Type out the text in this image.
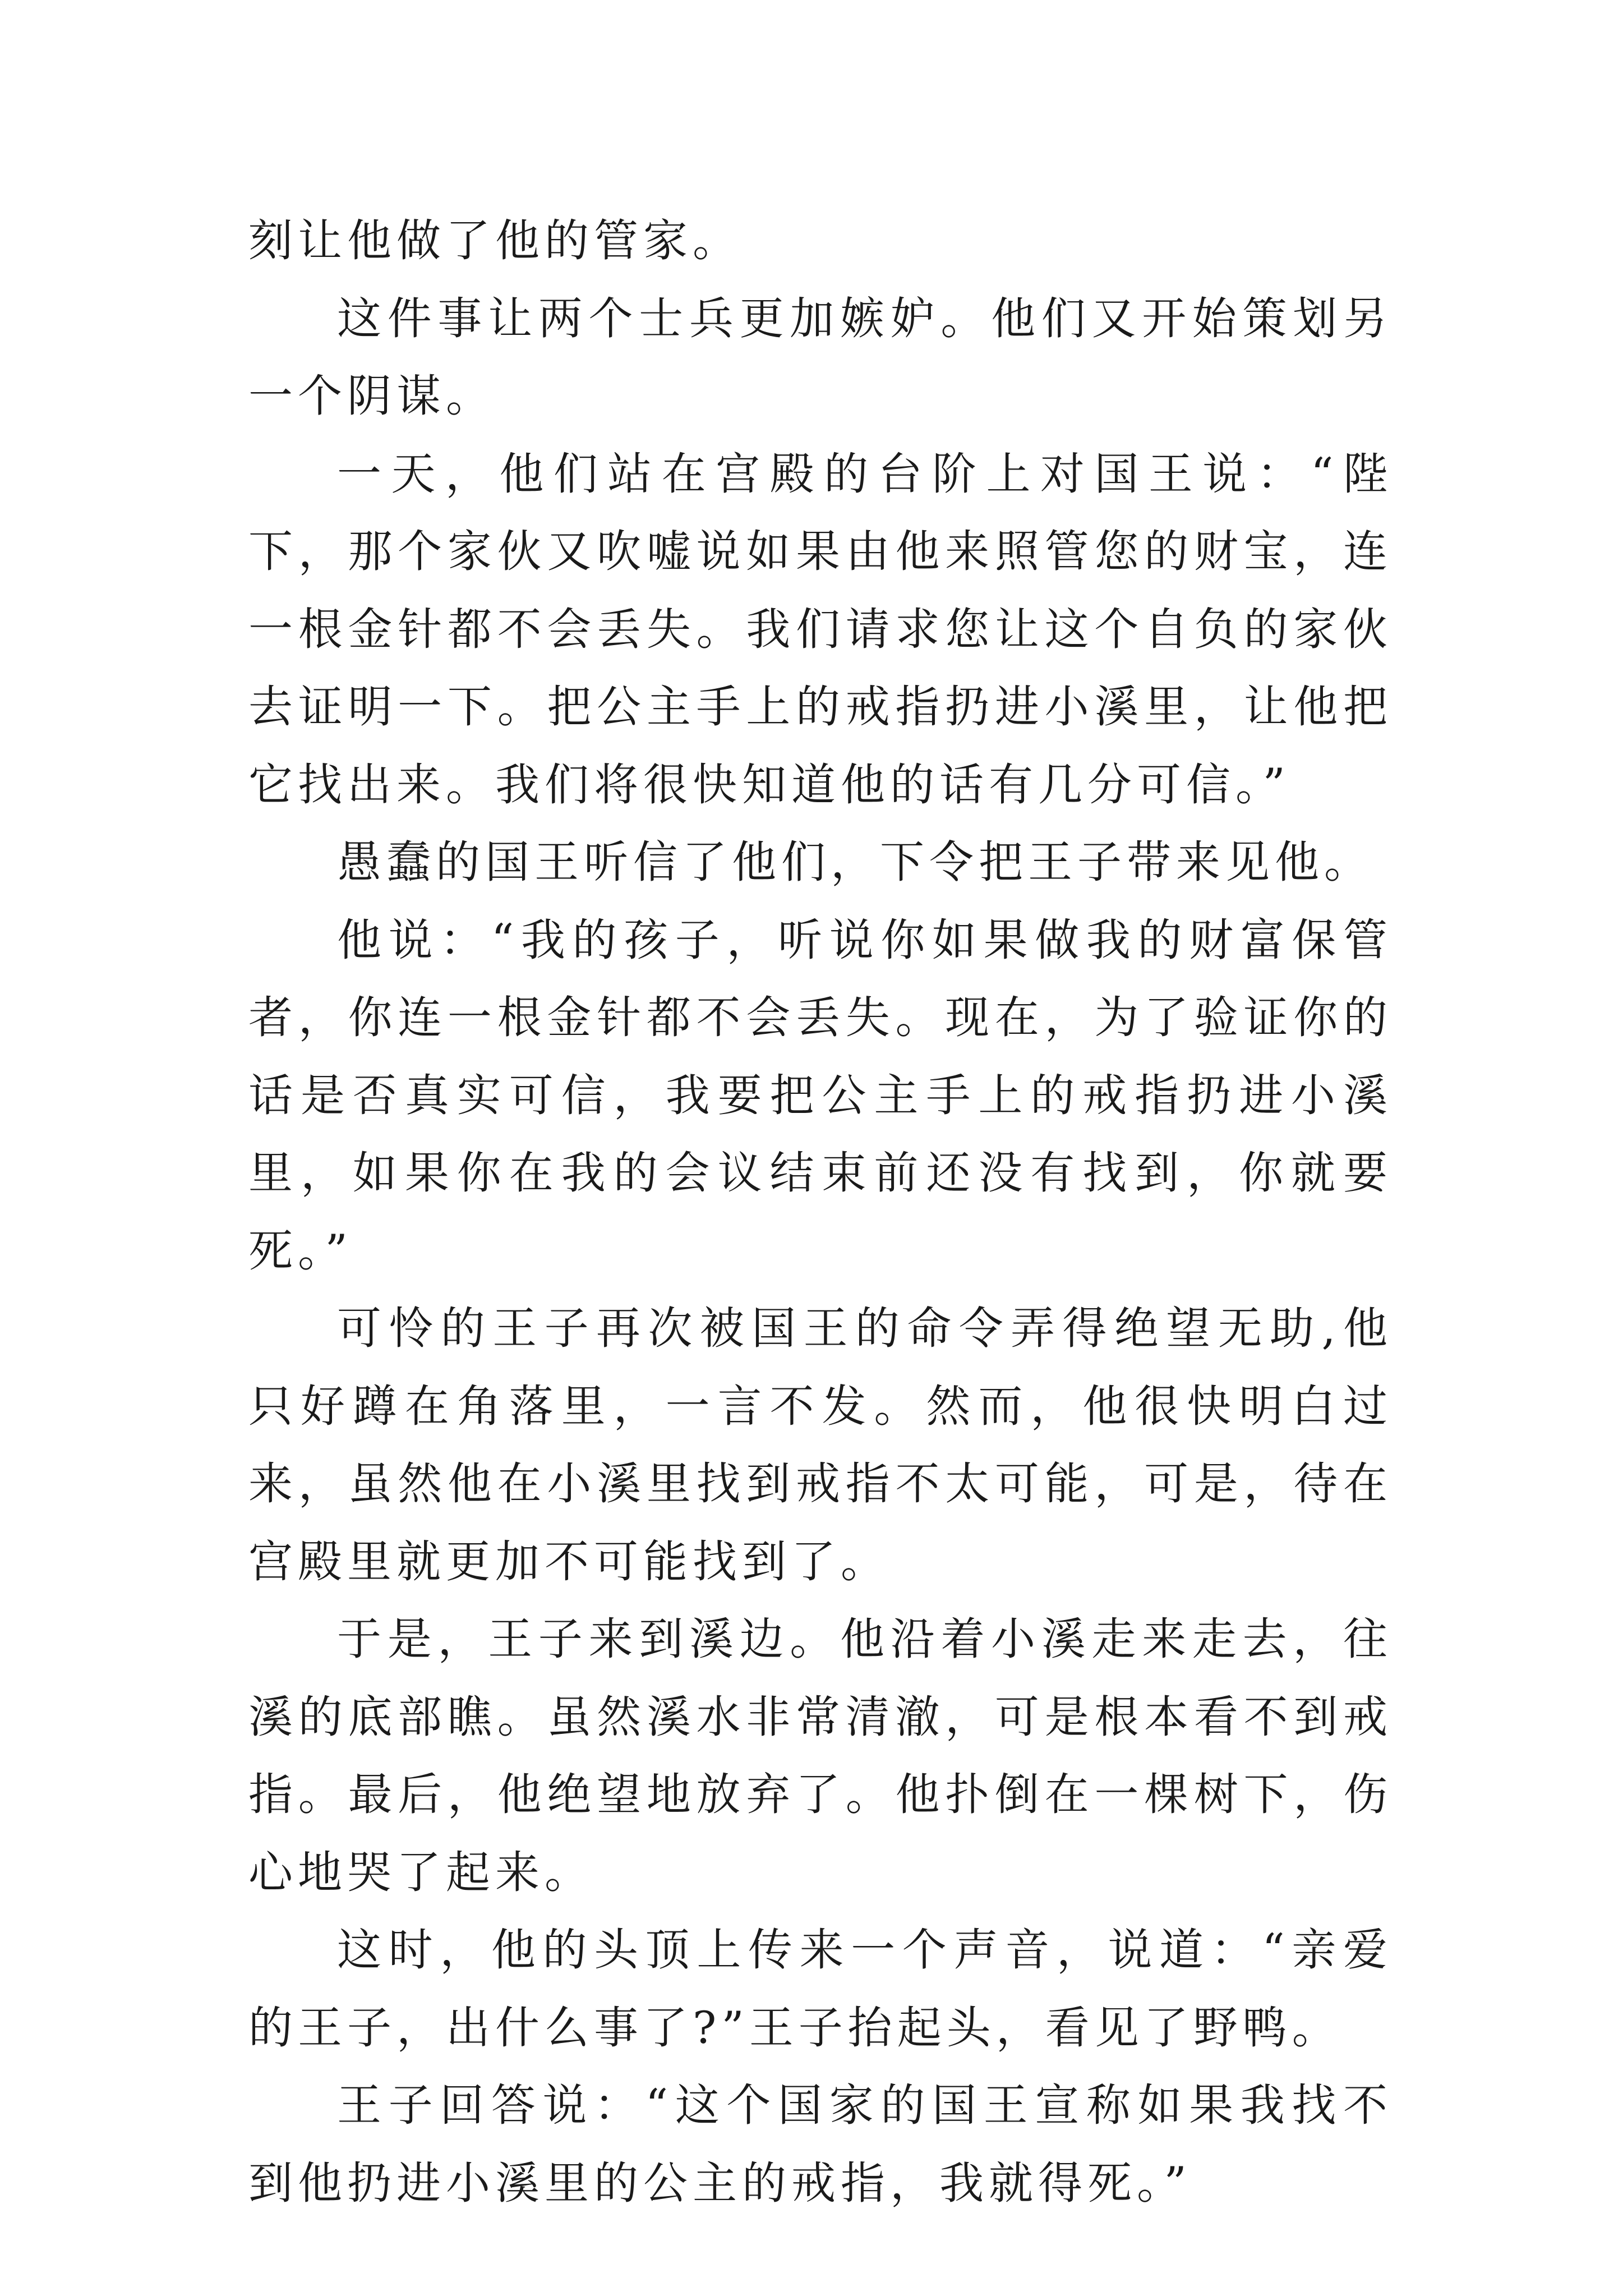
刻让他做了他的管家。

这件事让两个士兵更加嫉妒。他们又开始策划另一个阴谋。

一天，他们站在宫殿的台阶上对国王说：“陛下，那个家伙又吹嘘说如果由他来照管您的财宝，连一根金针都不会丢失。我们请求您让这个自负的家伙去证明一下。把公主手上的戒指扔进小溪里，让他把它找出来。我们将很快知道他的话有几分可信。”

愚蠢的国王听信了他们，下令把王子带来见他。

他说：“我的孩子，听说你如果做我的财富保管者，你连一根金针都不会丢失。现在，为了验证你的话是否真实可信，我要把公主手上的戒指扔进小溪里，如果你在我的会议结束前还没有找到，你就要死。”

可怜的王子再次被国王的命令弄得绝望无助,他只好蹲在角落里，一言不发。然而，他很快明白过来，虽然他在小溪里找到戒指不太可能，可是，待在宫殿里就更加不可能找到了。

于是，王子来到溪边。他沿着小溪走来走去，往溪的底部瞧。虽然溪水非常清澈，可是根本看不到戒指。最后，他绝望地放弃了。他扑倒在一棵树下，伤心地哭了起来。

这时，他的头顶上传来一个声音，说道：“亲爱的王子，出什么事了?”王子抬起头，看见了野鸭。

王子回答说：“这个国家的国王宣称如果我找不到他扔进小溪里的公主的戒指，我就得死。”
